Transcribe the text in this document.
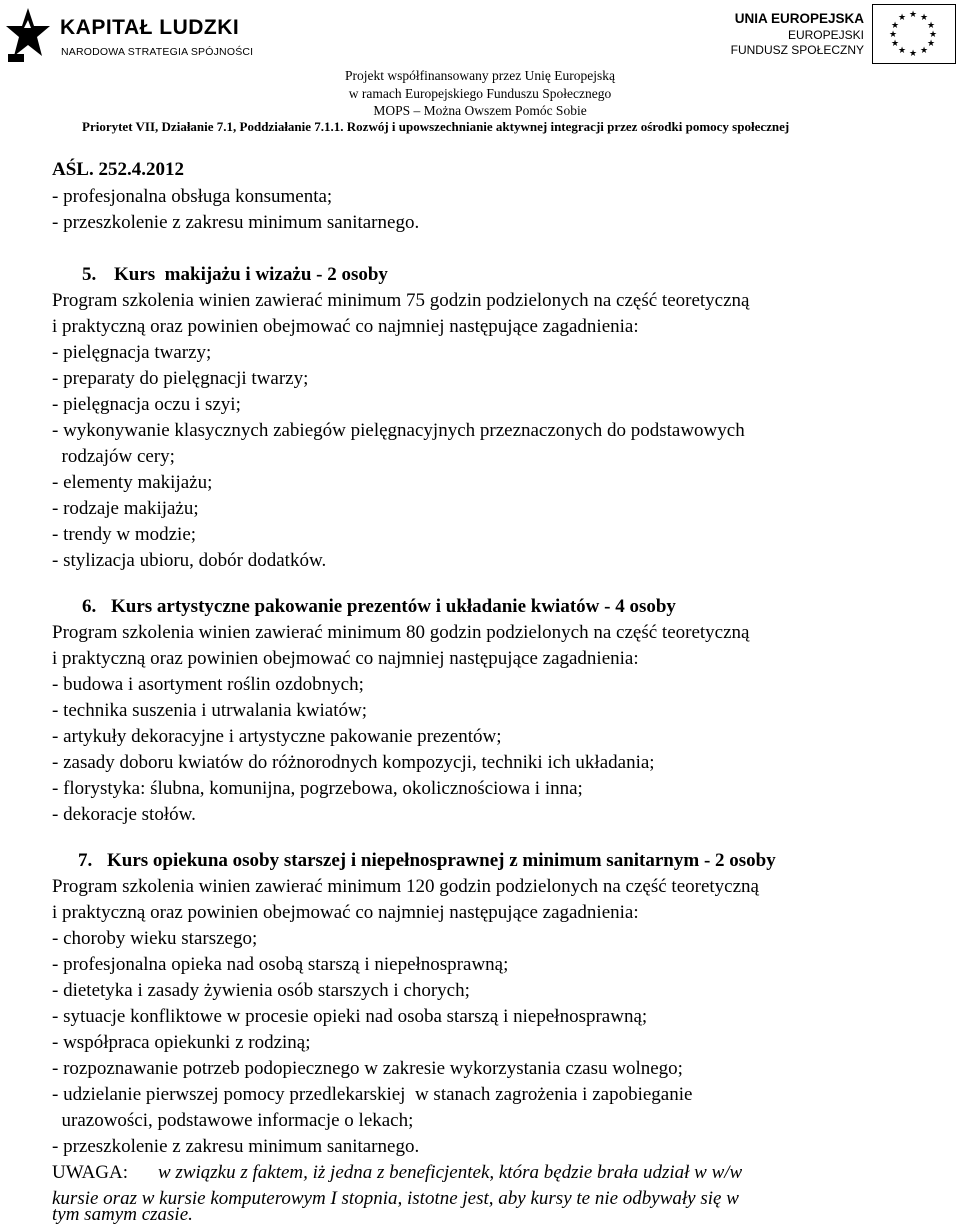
KAPITAŁ LUDZKI
NARODOWA STRATEGIA SPÓJNOŚCI
UNIA EUROPEJSKA
EUROPEJSKI
FUNDUSZ SPOŁECZNY
★ ★
★
★
★
★
★
★
★
★
★
★
Projekt współfinansowany przez Unię Europejską
w ramach Europejskiego Funduszu Społecznego
MOPS – Można Owszem Pomóc Sobie
Priorytet VII, Działanie 7.1, Poddziałanie 7.1.1. Rozwój i upowszechnianie aktywnej integracji przez ośrodki pomocy społecznej
AŚL. 252.4.2012
- profesjonalna obsługa konsumenta;
- przeszkolenie z zakresu minimum sanitarnego.
5. Kurs  makijażu i wizażu - 2 osoby
Program szkolenia winien zawierać minimum 75 godzin podzielonych na część teoretyczną
i praktyczną oraz powinien obejmować co najmniej następujące zagadnienia:
- pielęgnacja twarzy;
- preparaty do pielęgnacji twarzy;
- pielęgnacja oczu i szyi;
- wykonywanie klasycznych zabiegów pielęgnacyjnych przeznaczonych do podstawowych
rodzajów cery;
- elementy makijażu;
- rodzaje makijażu;
- trendy w modzie;
- stylizacja ubioru, dobór dodatków.
6. Kurs artystyczne pakowanie prezentów i układanie kwiatów - 4 osoby
Program szkolenia winien zawierać minimum 80 godzin podzielonych na część teoretyczną
i praktyczną oraz powinien obejmować co najmniej następujące zagadnienia:
- budowa i asortyment roślin ozdobnych;
- technika suszenia i utrwalania kwiatów;
- artykuły dekoracyjne i artystyczne pakowanie prezentów;
- zasady doboru kwiatów do różnorodnych kompozycji, techniki ich układania;
- florystyka: ślubna, komunijna, pogrzebowa, okolicznościowa i inna;
- dekoracje stołów.
7. Kurs opiekuna osoby starszej i niepełnosprawnej z minimum sanitarnym - 2 osoby
Program szkolenia winien zawierać minimum 120 godzin podzielonych na część teoretyczną
i praktyczną oraz powinien obejmować co najmniej następujące zagadnienia:
- choroby wieku starszego;
- profesjonalna opieka nad osobą starszą i niepełnosprawną;
- dietetyka i zasady żywienia osób starszych i chorych;
- sytuacje konfliktowe w procesie opieki nad osoba starszą i niepełnosprawną;
- współpraca opiekunki z rodziną;
- rozpoznawanie potrzeb podopiecznego w zakresie wykorzystania czasu wolnego;
- udzielanie pierwszej pomocy przedlekarskiej  w stanach zagrożenia i zapobieganie
urazowości, podstawowe informacje o lekach;
- przeszkolenie z zakresu minimum sanitarnego.
UWAGA: w związku z faktem, iż jedna z beneficjentek, która będzie brała udział w w/w
kursie oraz w kursie komputerowym I stopnia, istotne jest, aby kursy te nie odbywały się w
tym samym czasie.
